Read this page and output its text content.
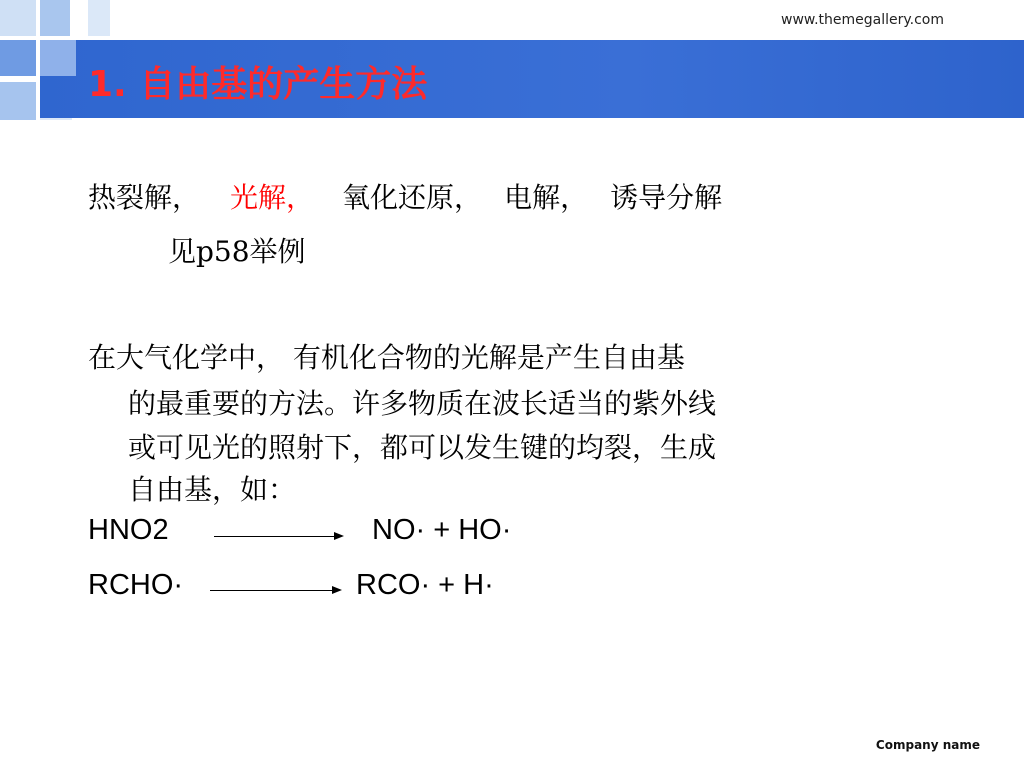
www.themegallery.com
1. 自由基的产生方法
热裂解， 光解， 氧化还原， 电解， 诱导分解
见p58举例
在大气化学中， 有机化合物的光解是产生自由基
的最重要的方法。许多物质在波长适当的紫外线
或可见光的照射下，都可以发生键的均裂，生成
自由基，如：
HNO2	NO· + HO·
RCHO·	RCO· + H·
Company name
